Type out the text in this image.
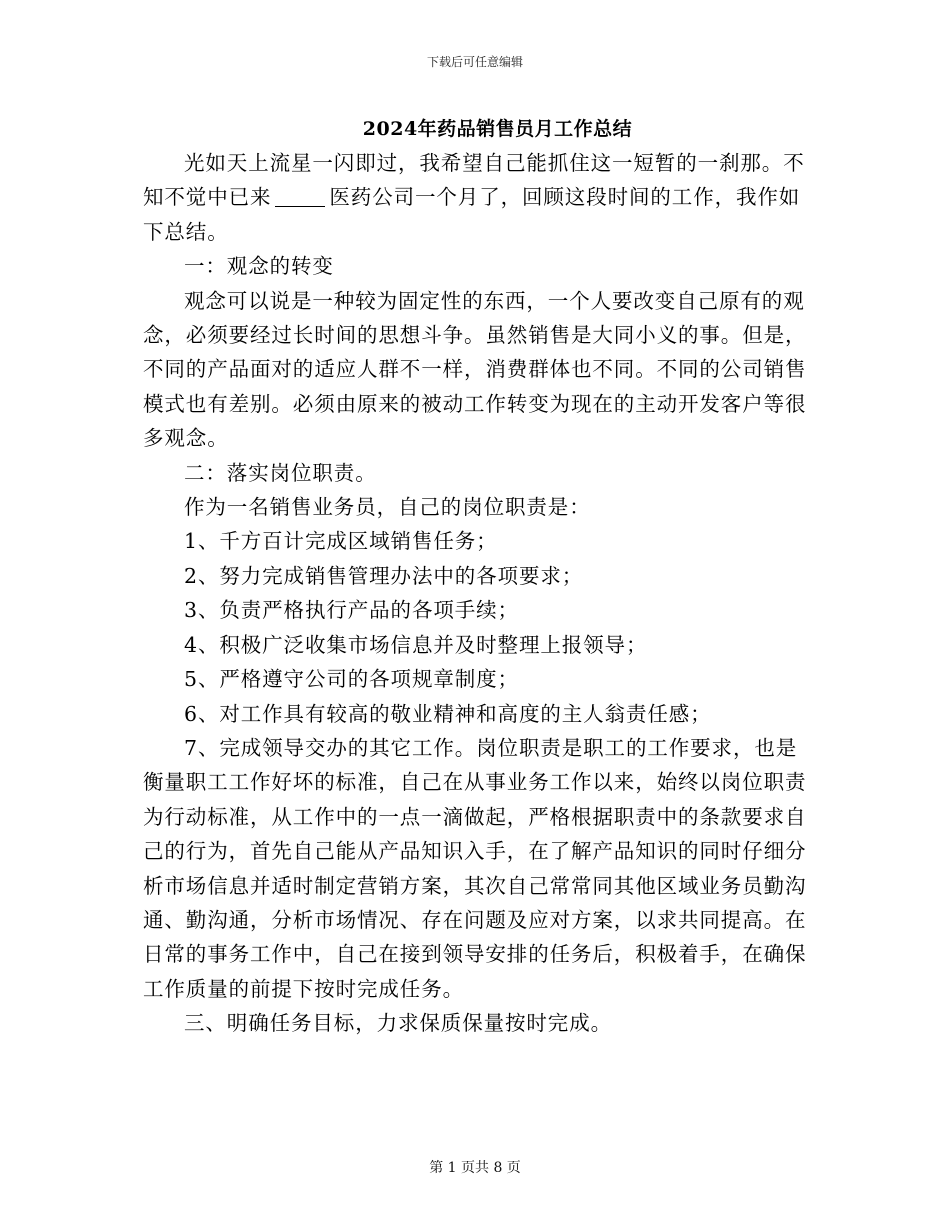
下载后可任意编辑
2024年药品销售员月工作总结

光如天上流星一闪即过，我希望自己能抓住这一短暂的一刹那。不知不觉中已来	医药公司一个月了，回顾这段时间的工作，我作如下总结。

一：观念的转变

观念可以说是一种较为固定性的东西，一个人要改变自己原有的观念，必须要经过长时间的思想斗争。虽然销售是大同小义的事。但是，不同的产品面对的适应人群不一样，消费群体也不同。不同的公司销售模式也有差别。必须由原来的被动工作转变为现在的主动开发客户等很多观念。

二：落实岗位职责。

作为一名销售业务员，自己的岗位职责是：

1、千方百计完成区域销售任务；

2、努力完成销售管理办法中的各项要求；

3、负责严格执行产品的各项手续；

4、积极广泛收集市场信息并及时整理上报领导；

5、严格遵守公司的各项规章制度；

6、对工作具有较高的敬业精神和高度的主人翁责任感；

7、完成领导交办的其它工作。岗位职责是职工的工作要求，也是衡量职工工作好坏的标准，自己在从事业务工作以来，始终以岗位职责为行动标准，从工作中的一点一滴做起，严格根据职责中的条款要求自己的行为，首先自己能从产品知识入手，在了解产品知识的同时仔细分析市场信息并适时制定营销方案，其次自己常常同其他区域业务员勤沟通、勤沟通，分析市场情况、存在问题及应对方案，以求共同提高。在日常的事务工作中，自己在接到领导安排的任务后，积极着手，在确保工作质量的前提下按时完成任务。

三、明确任务目标，力求保质保量按时完成。

第 1 页共 8 页
